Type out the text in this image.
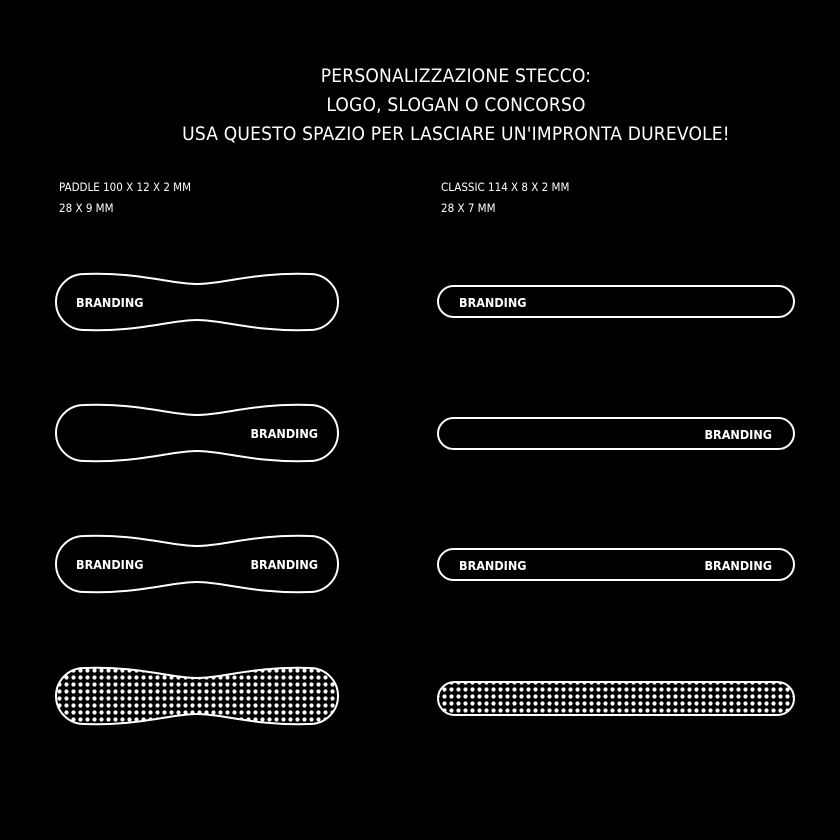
PERSONALIZZAZIONE STECCO:
LOGO, SLOGAN O CONCORSO
USA QUESTO SPAZIO PER LASCIARE UN'IMPRONTA DUREVOLE!
PADDLE 100 X 12 X 2 MM
28 X 9 MM
CLASSIC 114 X 8 X 2 MM
28 X 7 MM
BRANDING
BRANDING
BRANDING	BRANDING
BRANDING
BRANDING
BRANDING	BRANDING
